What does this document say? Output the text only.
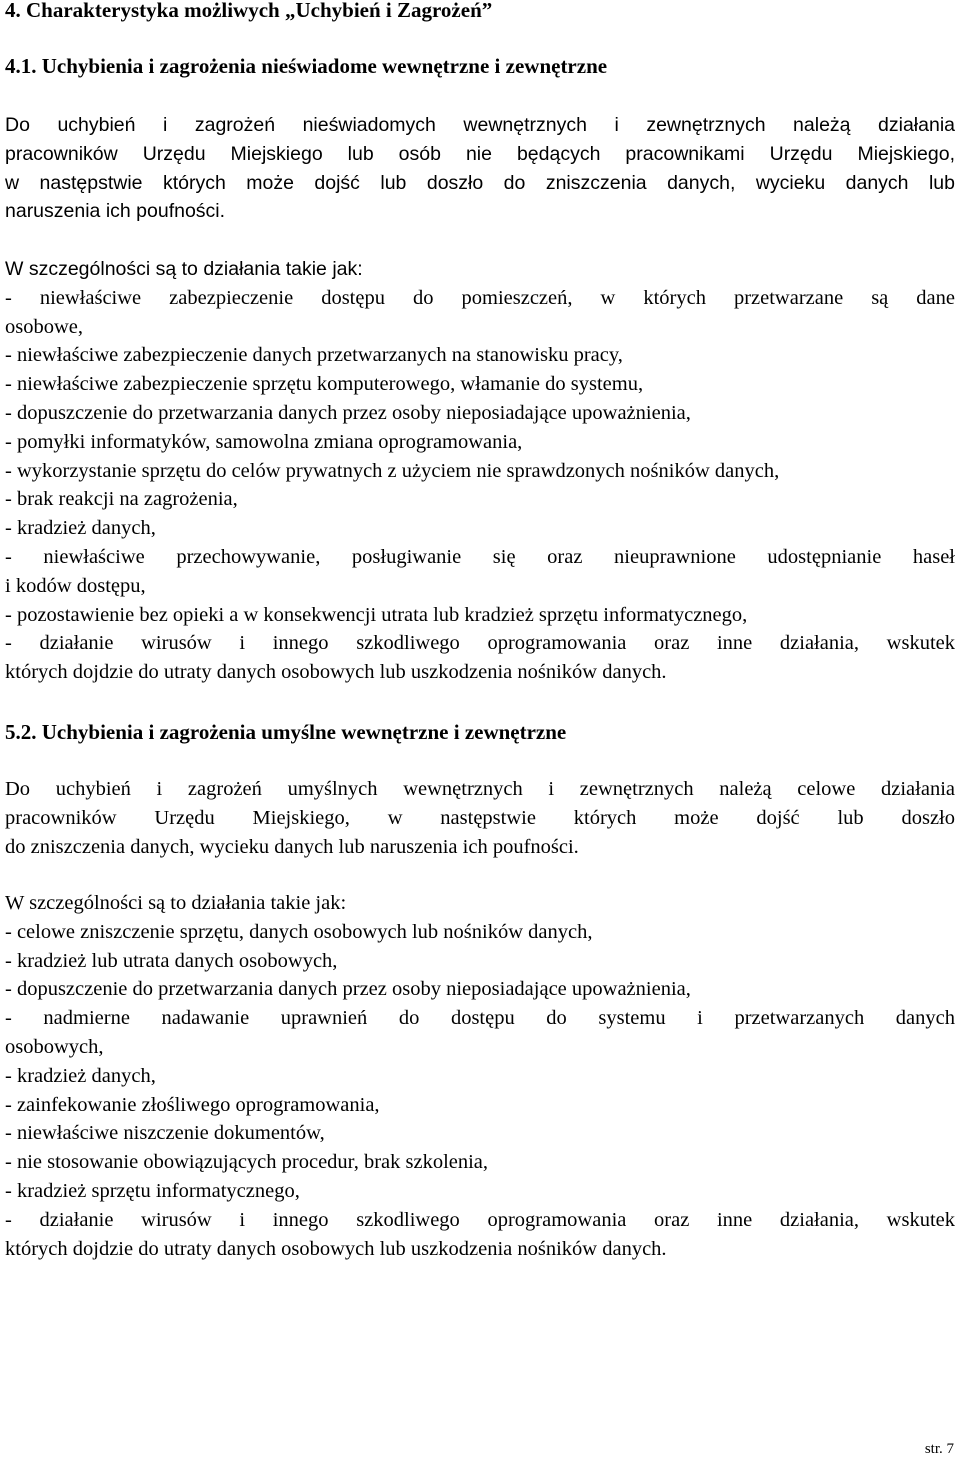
4. Charakterystyka możliwych „Uchybień i Zagrożeń”
4.1. Uchybienia i zagrożenia nieświadome wewnętrzne i zewnętrzne
Do uchybień i zagrożeń nieświadomych wewnętrznych i zewnętrznych należą działania
pracowników Urzędu Miejskiego lub osób nie będących pracownikami Urzędu Miejskiego,
w następstwie których może dojść lub doszło do zniszczenia danych, wycieku danych lub
naruszenia ich poufności.
W szczególności są to działania takie jak:
- niewłaściwe zabezpieczenie dostępu do pomieszczeń, w których przetwarzane są dane
osobowe,
- niewłaściwe zabezpieczenie danych przetwarzanych na stanowisku pracy,
- niewłaściwe zabezpieczenie sprzętu komputerowego, włamanie do systemu,
- dopuszczenie do przetwarzania danych przez osoby nieposiadające upoważnienia,
- pomyłki informatyków, samowolna zmiana oprogramowania,
- wykorzystanie sprzętu do celów prywatnych z użyciem nie sprawdzonych nośników danych,
- brak reakcji na zagrożenia,
- kradzież danych,
- niewłaściwe przechowywanie, posługiwanie się oraz nieuprawnione udostępnianie haseł
i kodów dostępu,
- pozostawienie bez opieki a w konsekwencji utrata lub kradzież sprzętu informatycznego,
- działanie wirusów i innego szkodliwego oprogramowania oraz inne działania, wskutek
których dojdzie do utraty danych osobowych lub uszkodzenia nośników danych.
5.2. Uchybienia i zagrożenia umyślne wewnętrzne i zewnętrzne
Do uchybień i zagrożeń umyślnych wewnętrznych i zewnętrznych należą celowe działania
pracowników Urzędu Miejskiego, w następstwie których może dojść lub doszło
do zniszczenia danych, wycieku danych lub naruszenia ich poufności.
W szczególności są to działania takie jak:
- celowe zniszczenie sprzętu, danych osobowych lub nośników danych,
- kradzież lub utrata danych osobowych,
- dopuszczenie do przetwarzania danych przez osoby nieposiadające upoważnienia,
- nadmierne nadawanie uprawnień do dostępu do systemu i przetwarzanych danych
osobowych,
- kradzież danych,
- zainfekowanie złośliwego oprogramowania,
- niewłaściwe niszczenie dokumentów,
- nie stosowanie obowiązujących procedur, brak szkolenia,
- kradzież sprzętu informatycznego,
- działanie wirusów i innego szkodliwego oprogramowania oraz inne działania, wskutek
których dojdzie do utraty danych osobowych lub uszkodzenia nośników danych.
str. 7
